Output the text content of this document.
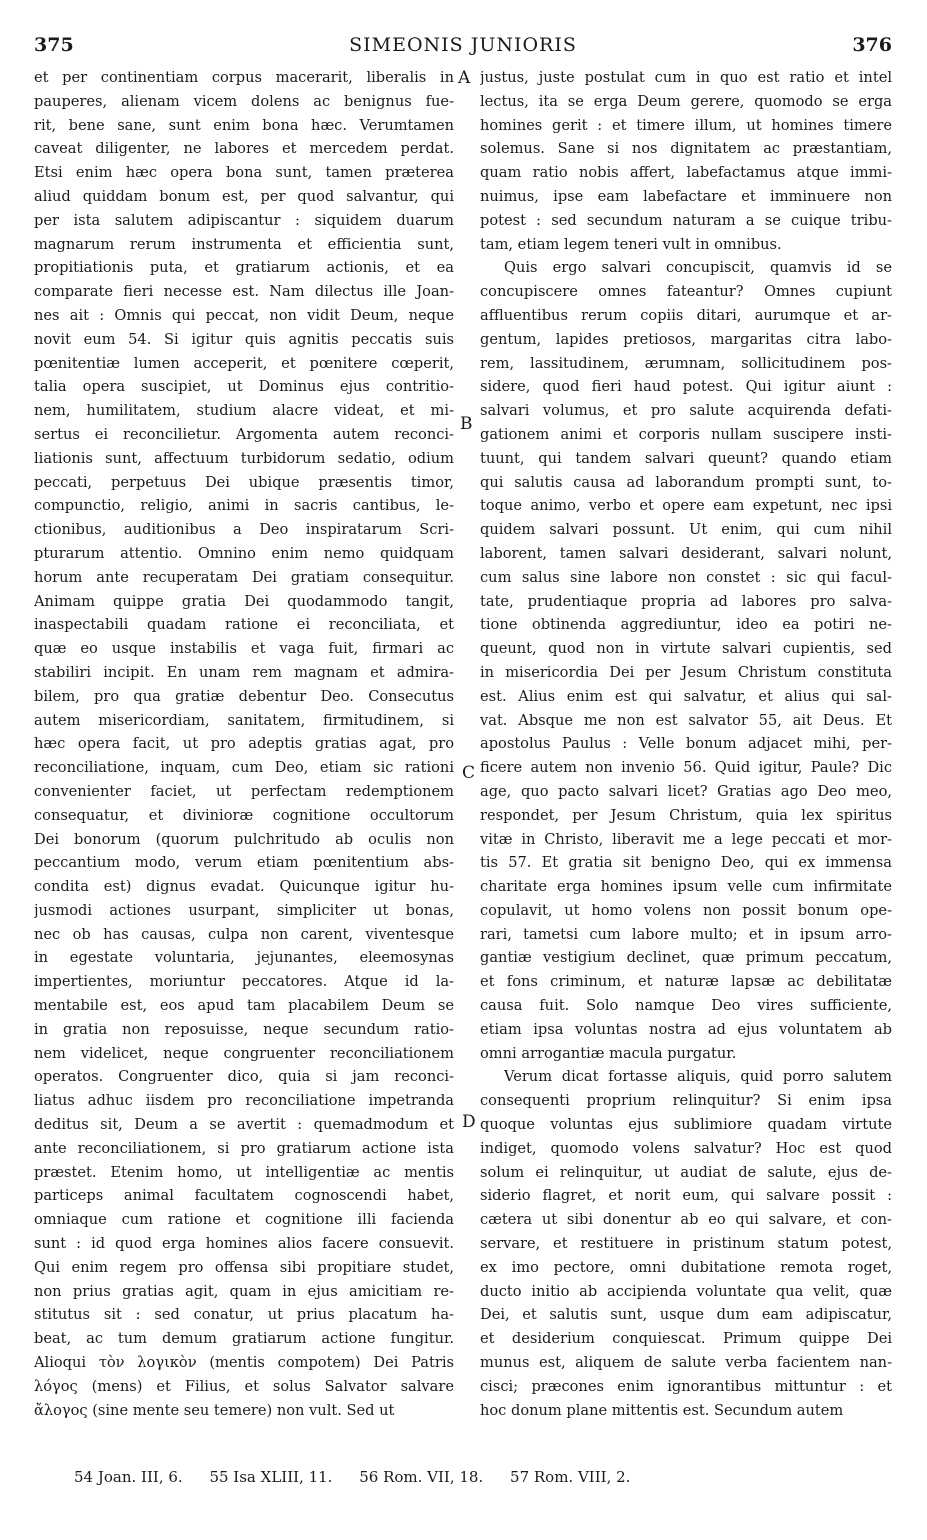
375	SIMEONIS JUNIORIS	376
et per continentiam corpus macerarit, liberalis in
pauperes, alienam vicem dolens ac benignus fue-
rit, bene sane, sunt enim bona hæc. Verumtamen
caveat diligenter, ne labores et mercedem perdat.
Etsi enim hæc opera bona sunt, tamen præterea
aliud quiddam bonum est, per quod salvantur, qui
per ista salutem adipiscantur : siquidem duarum
magnarum rerum instrumenta et efficientia sunt,
propitiationis puta, et gratiarum actionis, et ea
comparate fieri necesse est. Nam dilectus ille Joan-
nes ait : Omnis qui peccat, non vidit Deum, neque
novit eum 54. Si igitur quis agnitis peccatis suis
pœnitentiæ lumen acceperit, et pœnitere cœperit,
talia opera suscipiet, ut Dominus ejus contritio-
nem, humilitatem, studium alacre videat, et mi-
sertus ei reconcilietur. Argomenta autem reconci-
liationis sunt, affectuum turbidorum sedatio, odium
peccati, perpetuus Dei ubique præsentis timor,
compunctio, religio, animi in sacris cantibus, le-
ctionibus, auditionibus a Deo inspiratarum Scri-
pturarum attentio. Omnino enim nemo quidquam
horum ante recuperatam Dei gratiam consequitur.
Animam quippe gratia Dei quodammodo tangit,
inaspectabili quadam ratione ei reconciliata, et
quæ eo usque instabilis et vaga fuit, firmari ac
stabiliri incipit. En unam rem magnam et admira-
bilem, pro qua gratiæ debentur Deo. Consecutus
autem misericordiam, sanitatem, firmitudinem, si
hæc opera facit, ut pro adeptis gratias agat, pro
reconciliatione, inquam, cum Deo, etiam sic rationi
convenienter faciet, ut perfectam redemptionem
consequatur, et divinioræ cognitione occultorum
Dei bonorum (quorum pulchritudo ab oculis non
peccantium modo, verum etiam pœnitentium abs-
condita est) dignus evadat. Quicunque igitur hu-
jusmodi actiones usurpant, simpliciter ut bonas,
nec ob has causas, culpa non carent, viventesque
in egestate voluntaria, jejunantes, eleemosynas
impertientes, moriuntur peccatores. Atque id la-
mentabile est, eos apud tam placabilem Deum se
in gratia non reposuisse, neque secundum ratio-
nem videlicet, neque congruenter reconciliationem
operatos. Congruenter dico, quia si jam reconci-
liatus adhuc iisdem pro reconciliatione impetranda
deditus sit, Deum a se avertit : quemadmodum et
ante reconciliationem, si pro gratiarum actione ista
præstet. Etenim homo, ut intelligentiæ ac mentis
particeps animal facultatem cognoscendi habet,
omniaque cum ratione et cognitione illi facienda
sunt : id quod erga homines alios facere consuevit.
Qui enim regem pro offensa sibi propitiare studet,
non prius gratias agit, quam in ejus amicitiam re-
stitutus sit : sed conatur, ut prius placatum ha-
beat, ac tum demum gratiarum actione fungitur.
Alioqui τὸν λογικὸν (mentis compotem) Dei Patris
λόγος (mens) et Filius, et solus Salvator salvare
ἄλογος (sine mente seu temere) non vult. Sed ut
justus, juste postulat cum in quo est ratio et intel
lectus, ita se erga Deum gerere, quomodo se erga
homines gerit : et timere illum, ut homines timere
solemus. Sane si nos dignitatem ac præstantiam,
quam ratio nobis affert, labefactamus atque immi-
nuimus, ipse eam labefactare et imminuere non
potest : sed secundum naturam a se cuique tribu-
tam, etiam legem teneri vult in omnibus.
Quis ergo salvari concupiscit, quamvis id se
concupiscere omnes fateantur? Omnes cupiunt
affluentibus rerum copiis ditari, aurumque et ar-
gentum, lapides pretiosos, margaritas citra labo-
rem, lassitudinem, ærumnam, sollicitudinem pos-
sidere, quod fieri haud potest. Qui igitur aiunt :
salvari volumus, et pro salute acquirenda defati-
gationem animi et corporis nullam suscipere insti-
tuunt, qui tandem salvari queunt? quando etiam
qui salutis causa ad laborandum prompti sunt, to-
toque animo, verbo et opere eam expetunt, nec ipsi
quidem salvari possunt. Ut enim, qui cum nihil
laborent, tamen salvari desiderant, salvari nolunt,
cum salus sine labore non constet : sic qui facul-
tate, prudentiaque propria ad labores pro salva-
tione obtinenda aggrediuntur, ideo ea potiri ne-
queunt, quod non in virtute salvari cupientis, sed
in misericordia Dei per Jesum Christum constituta
est. Alius enim est qui salvatur, et alius qui sal-
vat. Absque me non est salvator 55, ait Deus. Et
apostolus Paulus : Velle bonum adjacet mihi, per-
ficere autem non invenio 56. Quid igitur, Paule? Dic
age, quo pacto salvari licet? Gratias ago Deo meo,
respondet, per Jesum Christum, quia lex spiritus
vitæ in Christo, liberavit me a lege peccati et mor-
tis 57. Et gratia sit benigno Deo, qui ex immensa
charitate erga homines ipsum velle cum infirmitate
copulavit, ut homo volens non possit bonum ope-
rari, tametsi cum labore multo; et in ipsum arro-
gantiæ vestigium declinet, quæ primum peccatum,
et fons criminum, et naturæ lapsæ ac debilitatæ
causa fuit. Solo namque Deo vires sufficiente,
etiam ipsa voluntas nostra ad ejus voluntatem ab
omni arrogantiæ macula purgatur.
Verum dicat fortasse aliquis, quid porro salutem
consequenti proprium relinquitur? Si enim ipsa
quoque voluntas ejus sublimiore quadam virtute
indiget, quomodo volens salvatur? Hoc est quod
solum ei relinquitur, ut audiat de salute, ejus de-
siderio flagret, et norit eum, qui salvare possit :
cætera ut sibi donentur ab eo qui salvare, et con-
servare, et restituere in pristinum statum potest,
ex imo pectore, omni dubitatione remota roget,
ducto initio ab accipienda voluntate qua velit, quæ
Dei, et salutis sunt, usque dum eam adipiscatur,
et desiderium conquiescat. Primum quippe Dei
munus est, aliquem de salute verba facientem nan-
cisci; præcones enim ignorantibus mittuntur : et
hoc donum plane mittentis est. Secundum autem
A
B
C
D
54 Joan. III, 6. 55 Isa XLIII, 11. 56 Rom. VII, 18. 57 Rom. VIII, 2.
